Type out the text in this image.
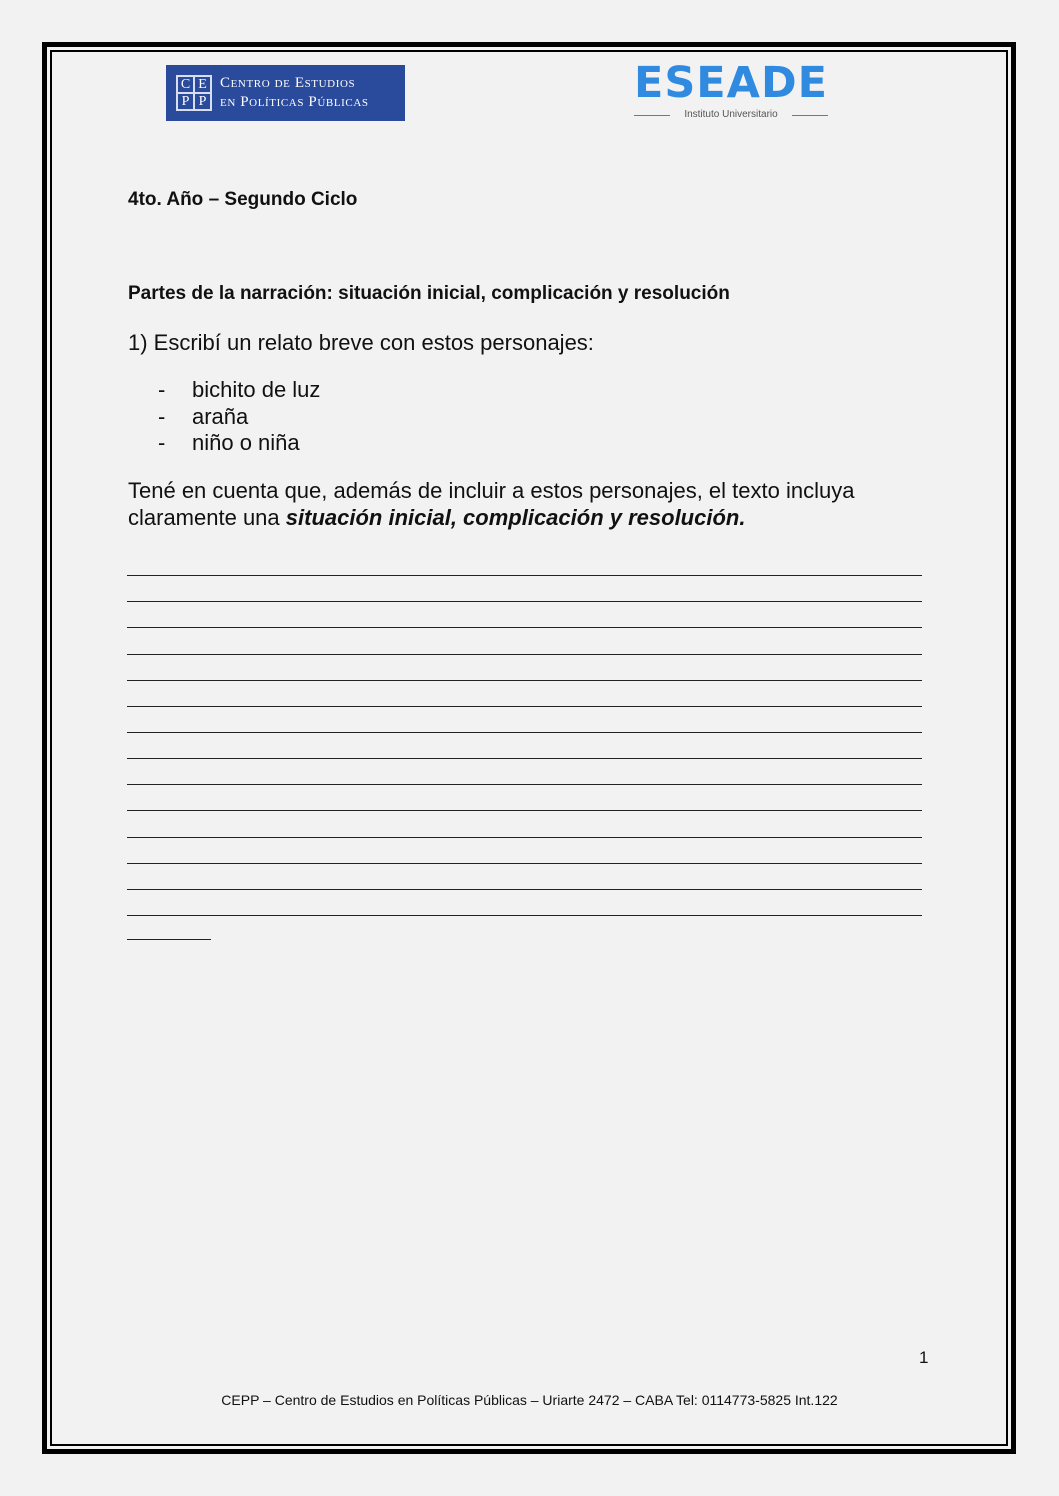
C E
P P
Centro de Estudios
en Políticas Públicas	ESEADE
Instituto Universitario
4to. Año – Segundo Ciclo
Partes de la narración: situación inicial, complicación y resolución
1) Escribí un relato breve con estos personajes:
-	bichito de luz
-	araña
-	niño o niña
Tené en cuenta que, además de incluir a estos personajes, el texto incluya claramente una situación inicial, complicación y resolución.
1
CEPP – Centro de Estudios en Políticas Públicas – Uriarte 2472 – CABA Tel: 0114773-5825 Int.122
